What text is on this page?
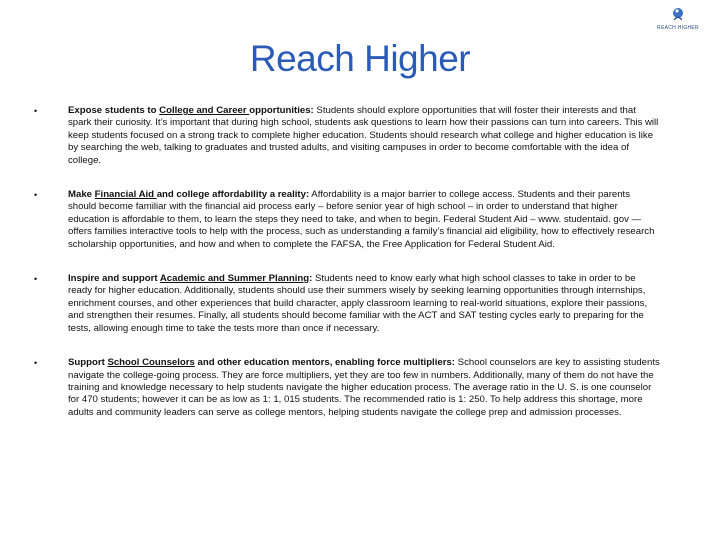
REACH HIGHER
Reach Higher
•	Expose students to College and Career opportunities: Students should explore opportunities that will foster their interests and that spark their curiosity. It’s important that during high school, students ask questions to learn how their passions can turn into careers. This will keep students focused on a strong track to complete higher education. Students should research what college and higher education is like by searching the web, talking to graduates and trusted adults, and visiting campuses in order to become comfortable with the idea of college.
•	Make Financial Aid and college affordability a reality: Affordability is a major barrier to college access. Students and their parents should become familiar with the financial aid process early – before senior year of high school – in order to understand that higher education is affordable to them, to learn the steps they need to take, and when to begin. Federal Student Aid – www. studentaid. gov — offers families interactive tools to help with the process, such as understanding a family’s financial aid eligibility, how to effectively research scholarship opportunities, and how and when to complete the FAFSA, the Free Application for Federal Student Aid.
•	Inspire and support Academic and Summer Planning: Students need to know early what high school classes to take in order to be ready for higher education. Additionally, students should use their summers wisely by seeking learning opportunities through internships, enrichment courses, and other experiences that build character, apply classroom learning to real-world situations, explore their passions, and strengthen their resumes. Finally, all students should become familiar with the ACT and SAT testing cycles early to preparing for the tests, allowing enough time to take the tests more than once if necessary.
•	Support School Counselors and other education mentors, enabling force multipliers: School counselors are key to assisting students navigate the college-going process. They are force multipliers, yet they are too few in numbers. Additionally, many of them do not have the training and knowledge necessary to help students navigate the higher education process. The average ratio in the U. S. is one counselor for 470 students; however it can be as low as 1: 1, 015 students. The recommended ratio is 1: 250. To help address this shortage, more adults and community leaders can serve as college mentors, helping students navigate the college prep and admission processes.
